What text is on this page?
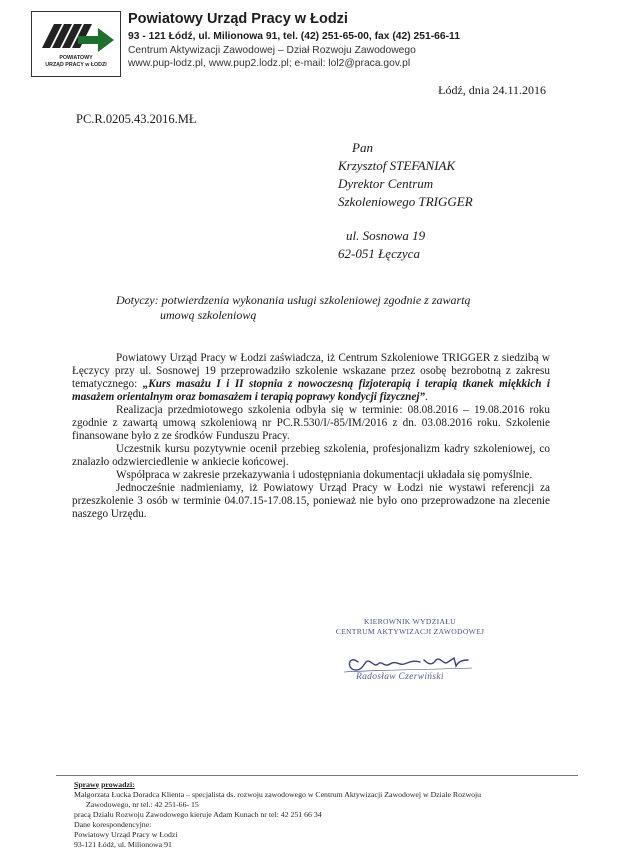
POWIATOWY
URZĄD PRACY w ŁODZI
Powiatowy Urząd Pracy w Łodzi
93 - 121 Łódź, ul. Milionowa 91, tel. (42) 251-65-00, fax (42) 251-66-11
Centrum Aktywizacji Zawodowej – Dział Rozwoju Zawodowego
www.pup-lodz.pl, www.pup2.lodz.pl; e-mail: lol2@praca.gov.pl
Łódź, dnia 24.11.2016
PC.R.0205.43.2016.MŁ
Pan
Krzysztof STEFANIAK
Dyrektor Centrum
Szkoleniowego TRIGGER
ul. Sosnowa 19
62-051 Łęczyca
Dotyczy: potwierdzenia wykonania usługi szkoleniowej zgodnie z zawartą
umową szkoleniową

Powiatowy Urząd Pracy w Łodzi zaświadcza, iż Centrum Szkoleniowe TRIGGER z siedzibą w Łęczycy przy ul. Sosnowej 19 przeprowadziło szkolenie wskazane przez osobę bezrobotną z zakresu tematycznego: „Kurs masażu I i II stopnia z nowoczesną fizjoterapią i terapią tkanek miękkich i masażem orientalnym oraz bomasażem i terapią poprawy kondycji fizycznej”.

Realizacja przedmiotowego szkolenia odbyła się w terminie: 08.08.2016 – 19.08.2016 roku zgodnie z zawartą umową szkoleniową nr PC.R.530/I/-85/IM/2016 z dn. 03.08.2016 roku. Szkolenie finansowane było z ze środków Funduszu Pracy.

Uczestnik kursu pozytywnie ocenił przebieg szkolenia, profesjonalizm kadry szkoleniowej, co znalazło odzwierciedlenie w ankiecie końcowej.

Współpraca w zakresie przekazywania i udostępniania dokumentacji układała się pomyślnie.

Jednocześnie nadmieniamy, iż Powiatowy Urząd Pracy w Łodzi nie wystawi referencji za przeszkolenie 3 osób w terminie 04.07.15-17.08.15, ponieważ nie było ono przeprowadzone na zlecenie naszego Urzędu.

KIEROWNIK WYDZIAŁU
CENTRUM AKTYWIZACJI ZAWODOWEJ
Radosław Czerwiński
Sprawę prowadzi:
Małgorzata Łucka Doradca Klienta – specjalista ds. rozwoju zawodowego w Centrum Aktywizacji Zawodowej w Dziale Rozwoju
Zawodowego, nr tel.: 42 251-66- 15
pracą Działu Rozwoju Zawodowego kieruje Adam Kunach nr tel: 42 251 66 34
Dane korespondencyjne:
Powiatowy Urząd Pracy w Łodzi
93-121 Łódź, ul. Milionowa 91
